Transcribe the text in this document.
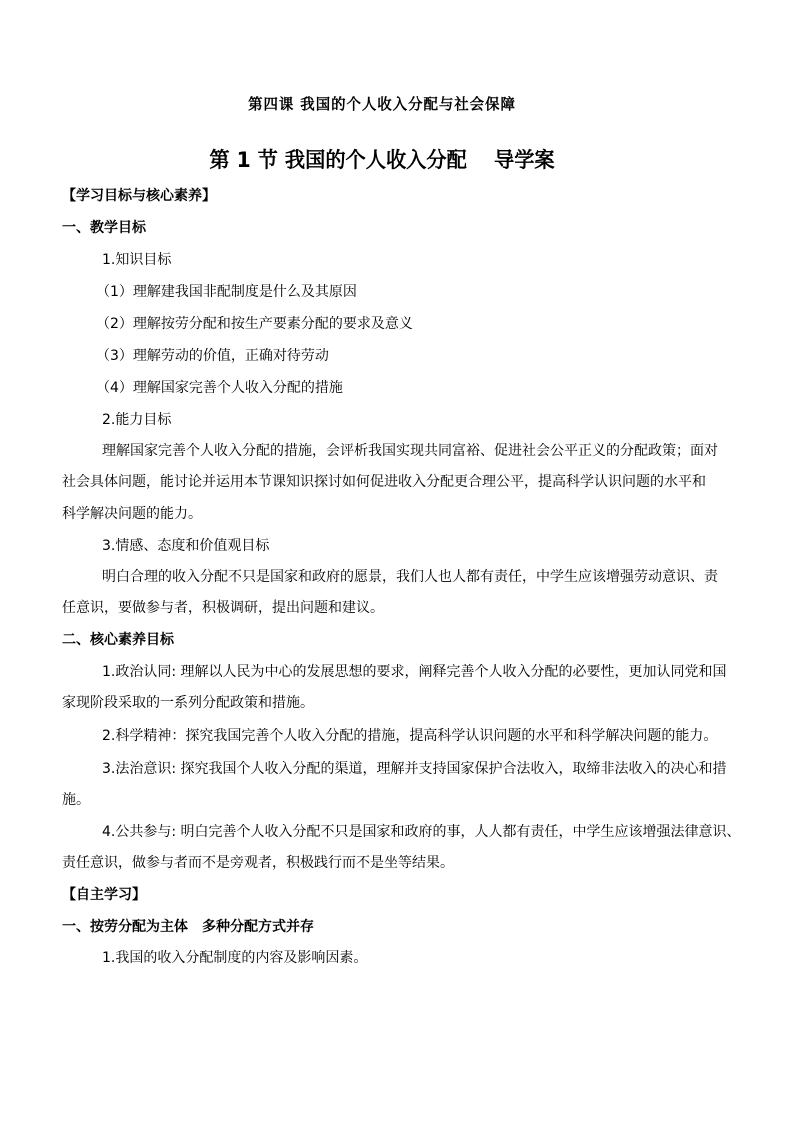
第四课 我国的个人收入分配与社会保障
第 1 节 我国的个人收入分配　 导学案
【学习目标与核心素养】
一、教学目标
1.知识目标
（1）理解建我国非配制度是什么及其原因
（2）理解按劳分配和按生产要素分配的要求及意义
（3）理解劳动的价值，正确对待劳动
（4）理解国家完善个人收入分配的措施
2.能力目标
理解国家完善个人收入分配的措施，会评析我国实现共同富裕、促进社会公平正义的分配政策；面对
社会具体问题，能讨论并运用本节课知识探讨如何促进收入分配更合理公平，提高科学认识问题的水平和
科学解决问题的能力。
3.情感、态度和价值观目标
明白合理的收入分配不只是国家和政府的愿景，我们人也人都有责任，中学生应该增强劳动意识、责
任意识，要做参与者，积极调研，提出问题和建议。
二、核心素养目标
1.政治认同: 理解以人民为中心的发展思想的要求，阐释完善个人收入分配的必要性，更加认同党和国
家现阶段采取的一系列分配政策和措施。
2.科学精神：探究我国完善个人收入分配的措施，提高科学认识问题的水平和科学解决问题的能力。
3.法治意识: 探究我国个人收入分配的渠道，理解并支持国家保护合法收入，取缔非法收入的决心和措
施。
4.公共参与: 明白完善个人收入分配不只是国家和政府的事，人人都有责任，中学生应该增强法律意识、
责任意识，做参与者而不是旁观者，积极践行而不是坐等结果。
【自主学习】
一、按劳分配为主体　多种分配方式并存
1.我国的收入分配制度的内容及影响因素。
